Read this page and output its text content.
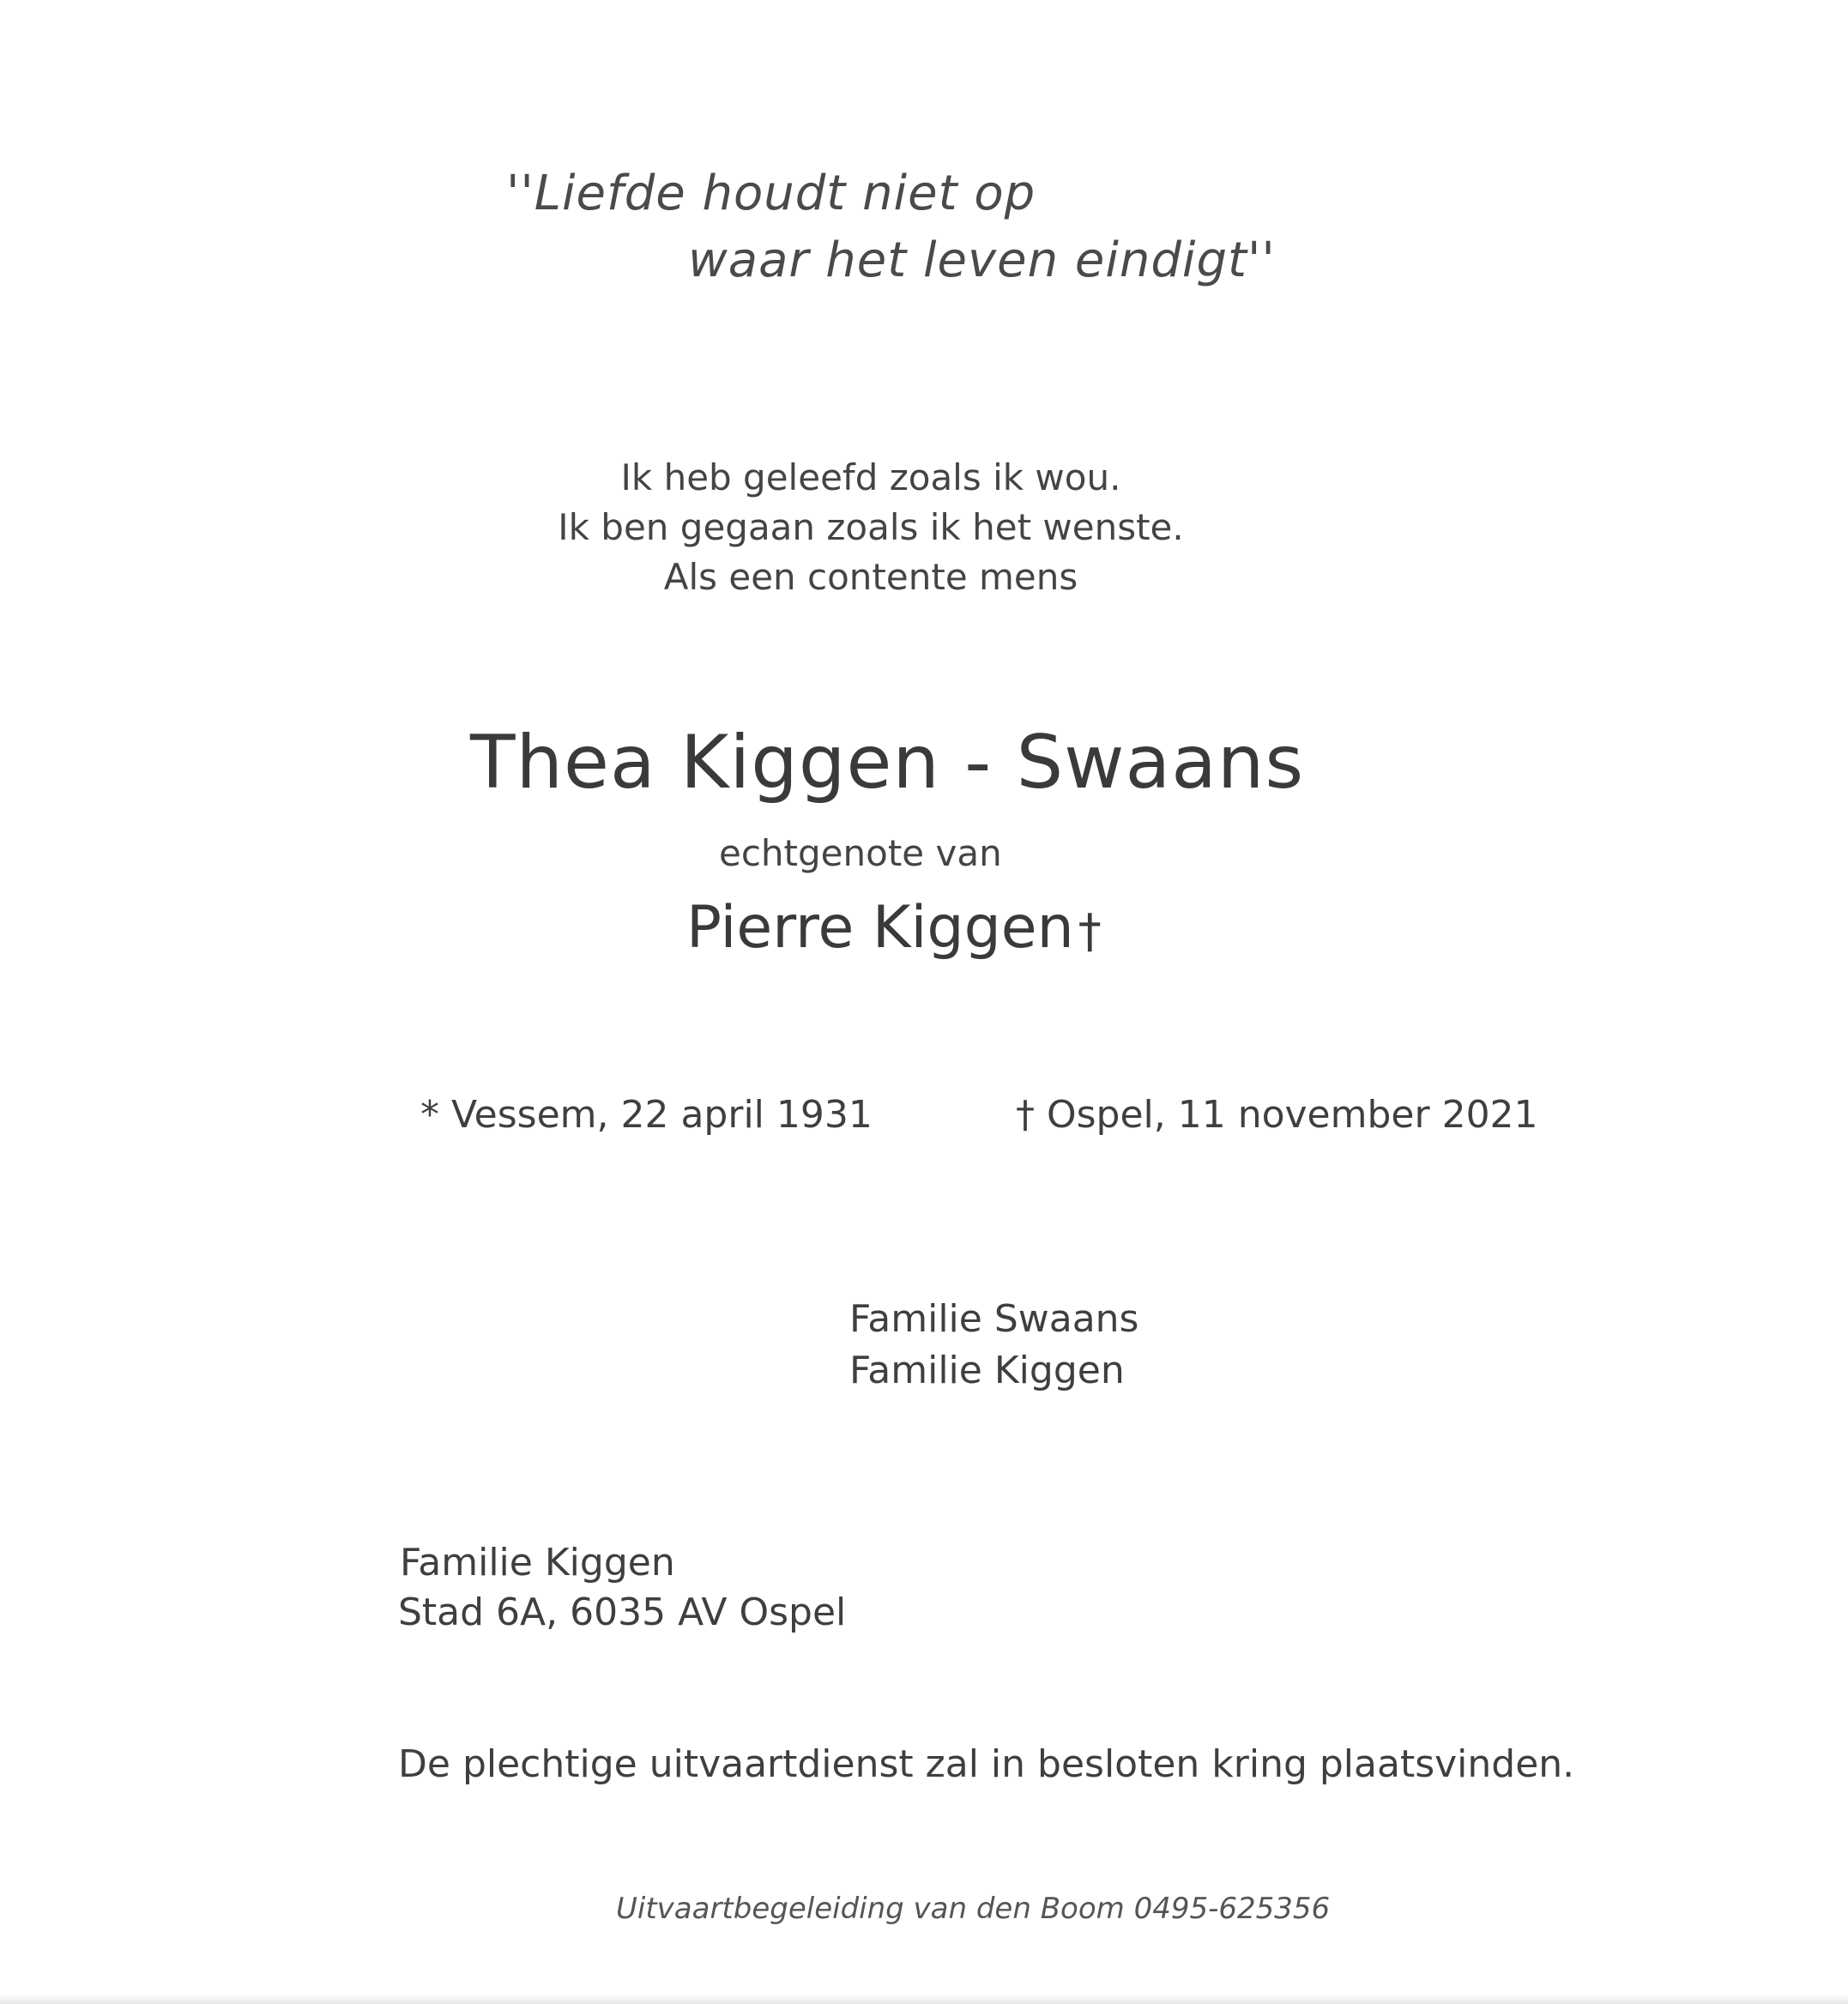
''Liefde houdt niet op
waar het leven eindigt''
Ik heb geleefd zoals ik wou.
Ik ben gegaan zoals ik het wenste.
Als een contente mens
Thea Kiggen - Swaans
echtgenote van
Pierre Kiggen †
* Vessem, 22 april 1931	† Ospel, 11 november 2021
Familie Swaans
Familie Kiggen
Familie Kiggen
Stad 6A, 6035 AV Ospel
De plechtige uitvaartdienst zal in besloten kring plaatsvinden.
Uitvaartbegeleiding van den Boom 0495-625356
